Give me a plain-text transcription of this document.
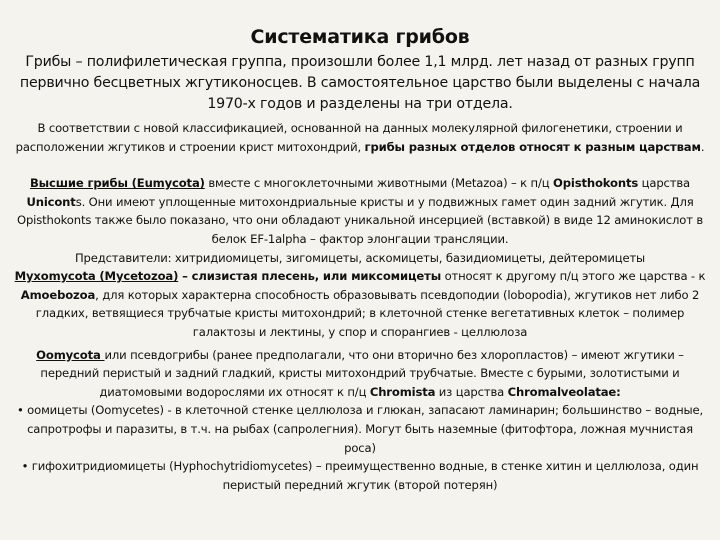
Систематика грибов

Грибы – полифилетическая группа, произошли более 1,1 млрд. лет назад от разных групп первично бесцветных жгутиконосцев. В самостоятельное царство были выделены с начала 1970-х годов и разделены на три отдела.

В соответствии с новой классификацией, основанной на данных молекулярной филогенетики, строении и расположении жгутиков и строении крист митохондрий, грибы разных отделов относят к разным царствам.

Высшие грибы (Eumycota) вместе с многоклеточными животными (Metazoa) – к п/ц Opisthokonts царства Uniconts. Они имеют уплощенные митохондриальные кристы и у подвижных гамет один задний жгутик. Для Opisthokonts также было показано, что они обладают уникальной инсерцией (вставкой) в виде 12 аминокислот в белок EF-1alpha – фактор элонгации трансляции.

Представители: хитридиомицеты, зигомицеты, аскомицеты, базидиомицеты, дейтеромицеты

Myxomycota (Mycetozoa) – слизистая плесень, или миксомицеты относят к другому п/ц этого же царства - к Amoebozoa, для которых характерна способность образовывать псевдоподии (lobopodia), жгутиков нет либо 2 гладких, ветвящиеся трубчатые кристы митохондрий; в клеточной стенке вегетативных клеток – полимер галактозы и лектины, у спор и спорангиев - целлюлоза

Oomycota или псевдогрибы (ранее предполагали, что они вторично без хлоропластов) – имеют жгутики – передний перистый и задний гладкий, кристы митохондрий трубчатые. Вместе с бурыми, золотистыми и диатомовыми водорослями их относят к п/ц Chromista из царства Chromalveolatae:

• оомицеты (Oomycetes) - в клеточной стенке целлюлоза и глюкан, запасают ламинарин; большинство – водные, сапротрофы и паразиты, в т.ч. на рыбах (сапролегния). Могут быть наземные (фитофтора, ложная мучнистая роса)

• гифохитридиомицеты (Hyphochytridiomycetes) – преимущественно водные, в стенке хитин и целлюлоза, один перистый передний жгутик (второй потерян)
